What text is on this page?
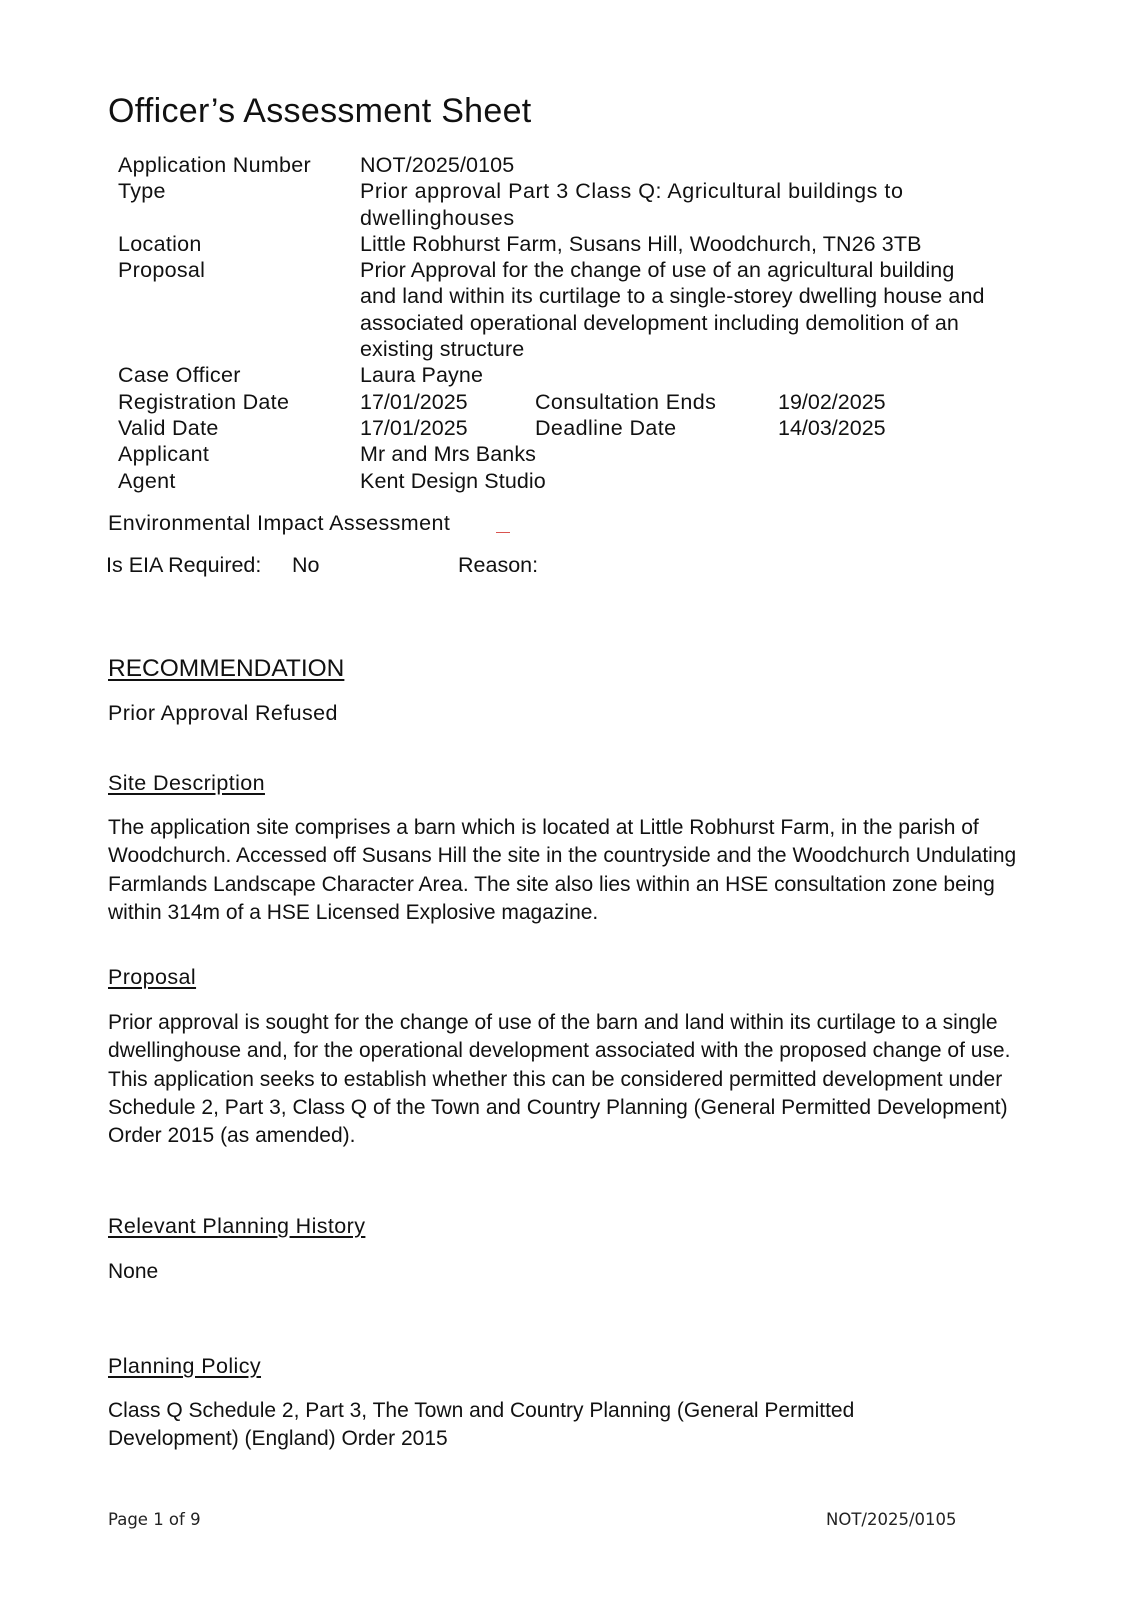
Officer’s Assessment Sheet
Application Number NOT/2025/0105
Type	Prior approval Part 3 Class Q: Agricultural buildings to dwellinghouses
Location	Little Robhurst Farm, Susans Hill, Woodchurch, TN26 3TB
Proposal	Prior Approval for the change of use of an agricultural building and land within its curtilage to a single-storey dwelling house and associated operational development including demolition of an existing structure
Case Officer	Laura Payne
Registration Date	17/01/2025	Consultation Ends	19/02/2025
Valid Date	17/01/2025	Deadline Date	14/03/2025
Applicant	Mr and Mrs Banks
Agent	Kent Design Studio
Environmental Impact Assessment
Is EIA Required: No	Reason:
RECOMMENDATION
Prior Approval Refused
Site Description

The application site comprises a barn which is located at Little Robhurst Farm, in the parish of Woodchurch. Accessed off Susans Hill the site in the countryside and the Woodchurch Undulating Farmlands Landscape Character Area. The site also lies within an HSE consultation zone being within 314m of a HSE Licensed Explosive magazine.

Proposal

Prior approval is sought for the change of use of the barn and land within its curtilage to a single dwellinghouse and, for the operational development associated with the proposed change of use. This application seeks to establish whether this can be considered permitted development under Schedule 2, Part 3, Class Q of the Town and Country Planning (General Permitted Development) Order 2015 (as amended).

Relevant Planning History

None

Planning Policy

Class Q Schedule 2, Part 3, The Town and Country Planning (General Permitted Development) (England) Order 2015

Page 1 of 9	NOT/2025/0105
